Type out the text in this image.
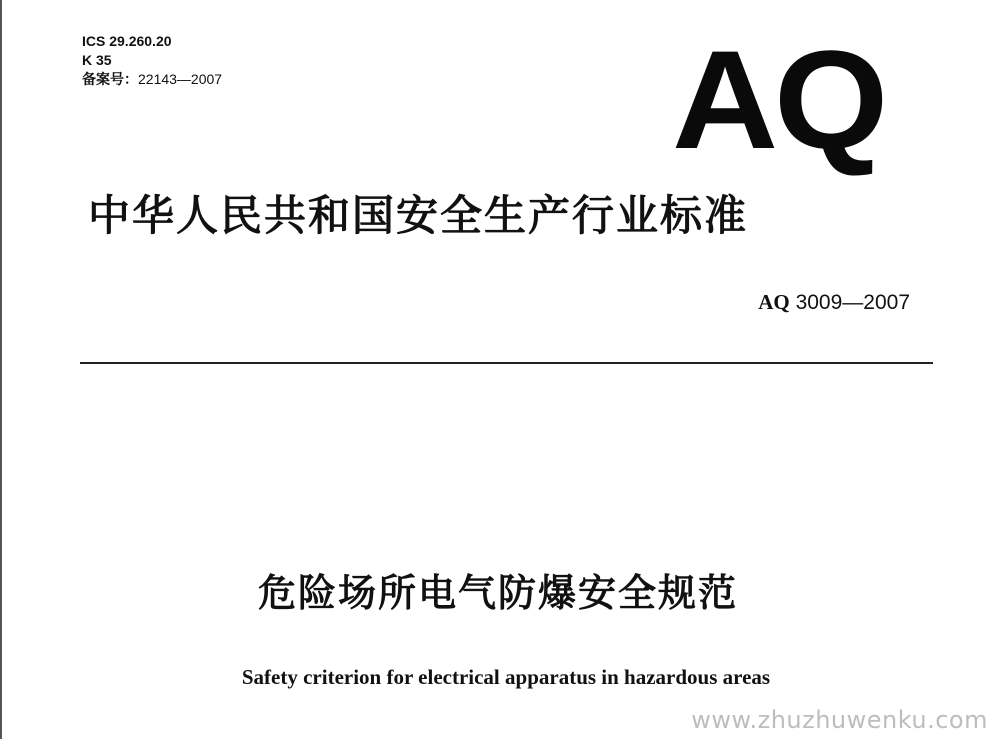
ICS 29.260.20
K 35
备案号：22143—2007	AQ
中华人民共和国安全生产行业标准
AQ 3009—2007
危险场所电气防爆安全规范
Safety criterion for electrical apparatus in hazardous areas
www.zhuzhuwenku.com
